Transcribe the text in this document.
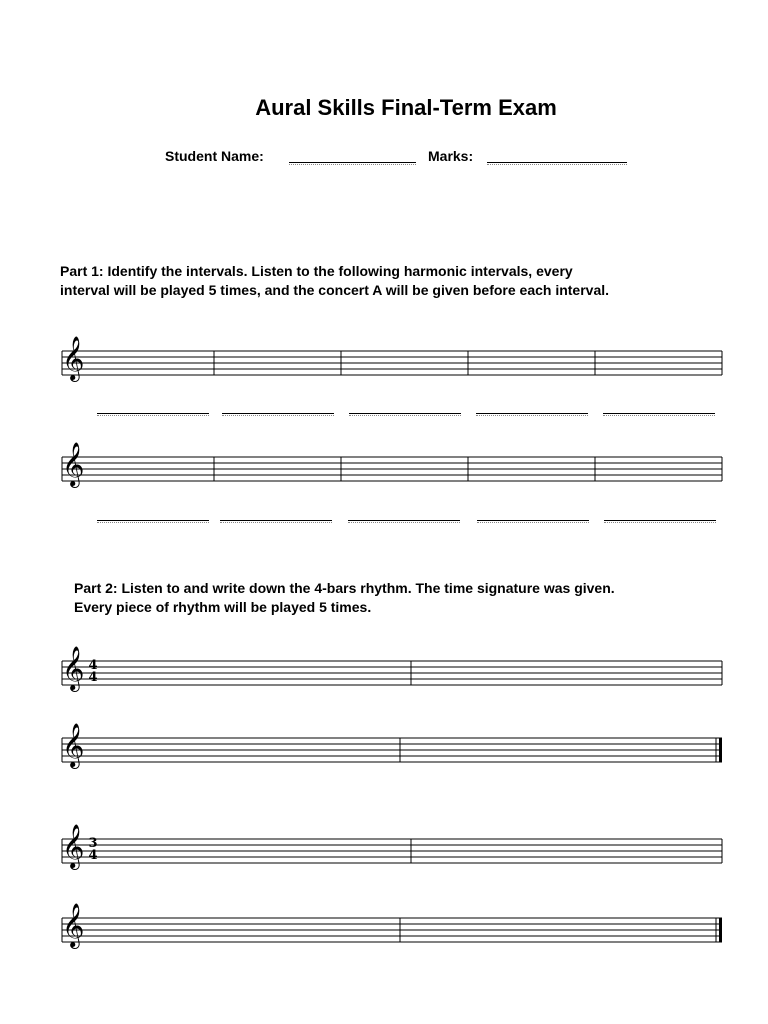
Aural Skills Final-Term Exam
Student Name:	Marks:
Part 1: Identify the intervals. Listen to the following harmonic intervals, every
interval will be played 5 times, and the concert A will be given before each interval.
𝄞
𝄞
Part 2: Listen to and write down the 4-bars rhythm. The time signature was given.
Every piece of rhythm will be played 5 times.
𝄞 4
4
𝄞
𝄞 3
4
𝄞
